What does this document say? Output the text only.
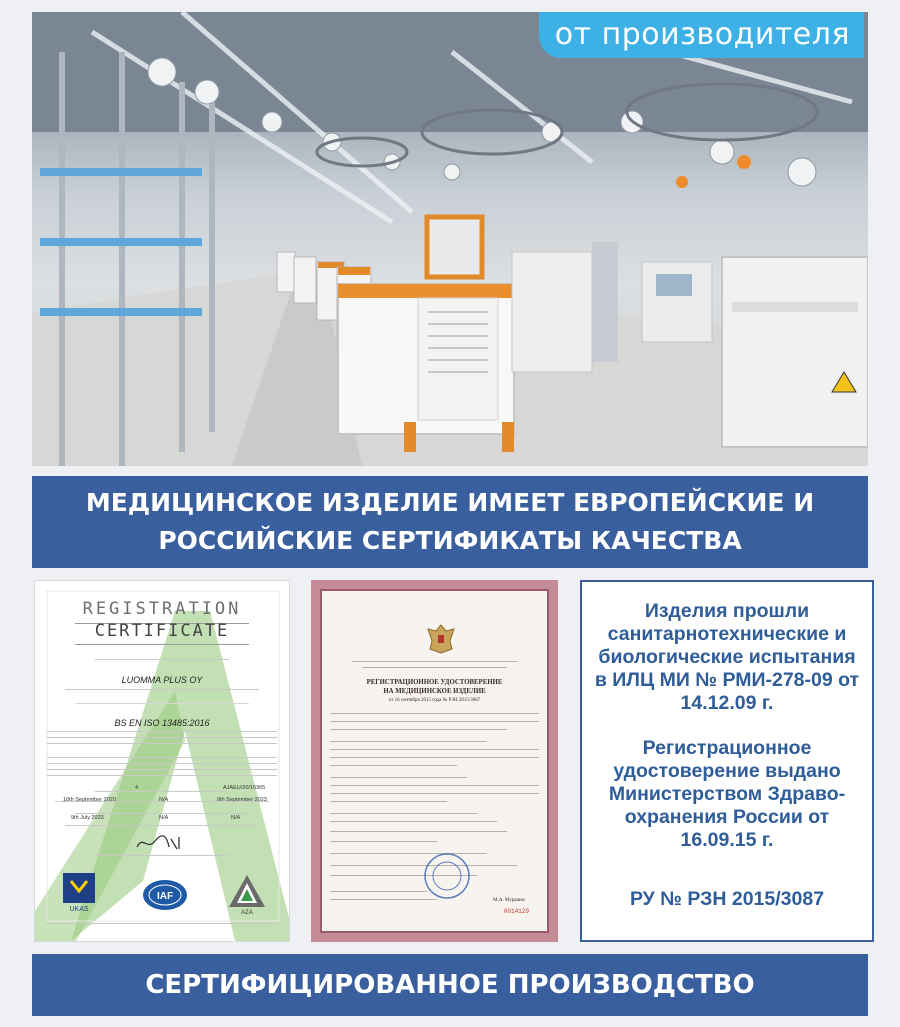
от производителя
МЕДИЦИНСКОЕ ИЗДЕЛИЕ ИМЕЕТ ЕВРОПЕЙСКИЕ И
РОССИЙСКИЕ СЕРТИФИКАТЫ КАЧЕСТВА
REGISTRATION
CERTIFICATE
LUOMMA PLUS OY
BS EN ISO 13485:2016
4	AJAEU/20/16365
10th September 2020	N/A	9th September 2023
9th July 2023	N/A	N/A
UKAS
IAF
AZA
РЕГИСТРАЦИОННОЕ УДОСТОВЕРЕНИЕ
НА МЕДИЦИНСКОЕ ИЗДЕЛИЕ
от 16 сентября 2015 года № РЗН 2015/3087
М.А. Мурашко
0014129
Изделия прошли санитарнотехнические и биологические испытания в ИЛЦ МИ № РМИ-278-09 от 14.12.09 г.
Регистрационное удостоверение выдано Министерством Здраво-охранения России от 16.09.15 г.
РУ № РЗН 2015/3087
СЕРТИФИЦИРОВАННОЕ ПРОИЗВОДСТВО
